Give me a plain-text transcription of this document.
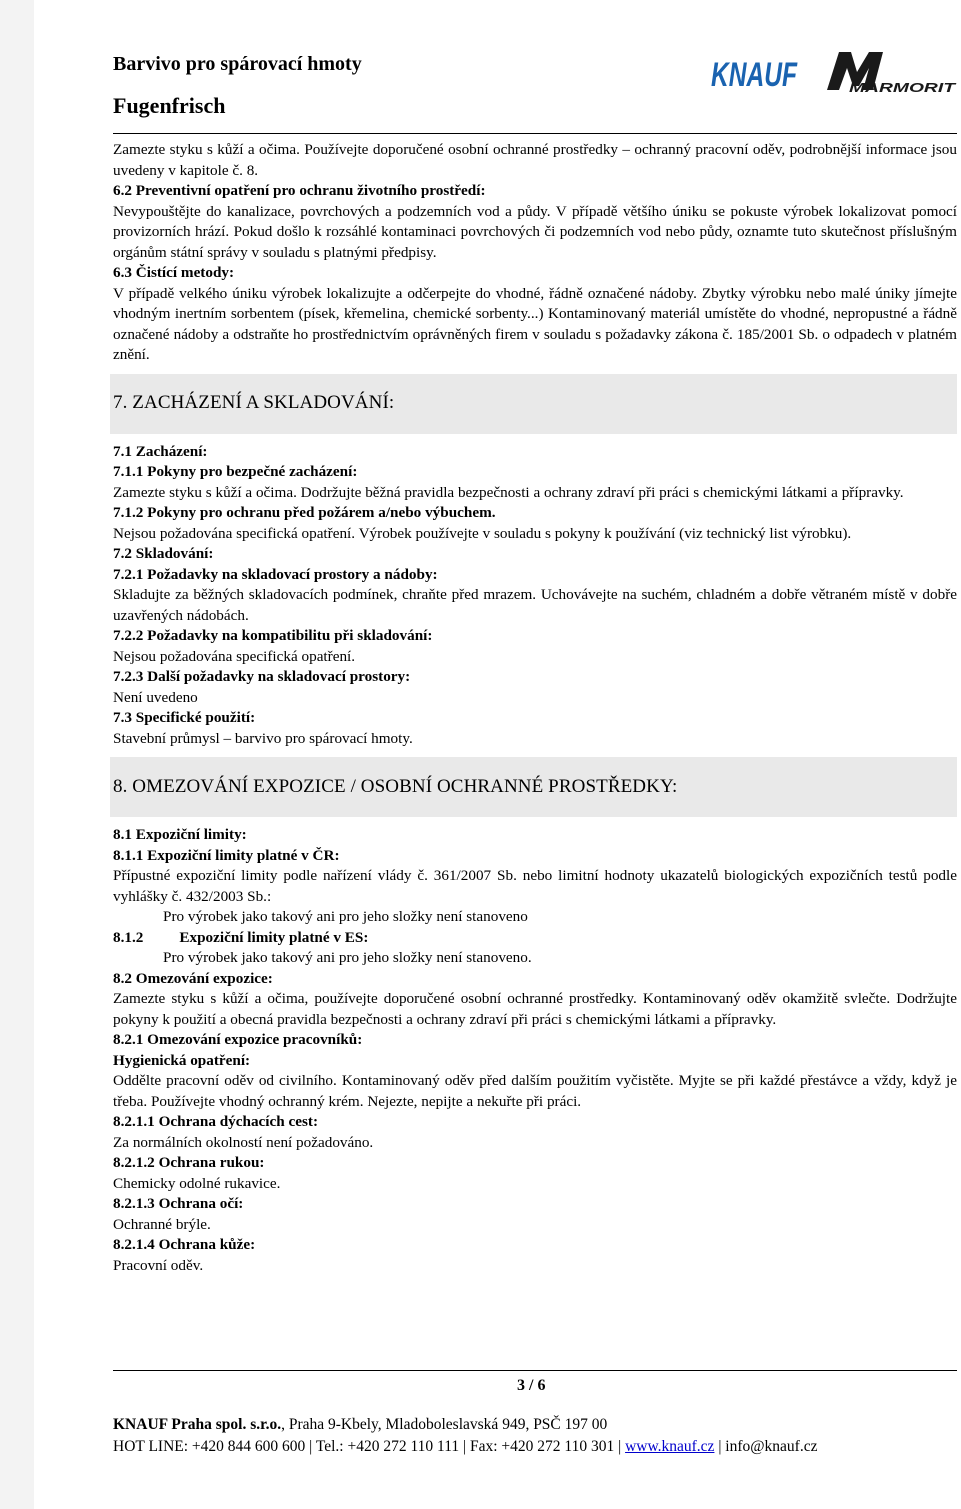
Barvivo pro spárovací hmoty
Fugenfrisch
KNAUF	MARMORIT

Zamezte styku s kůží a očima. Používejte doporučené osobní ochranné prostředky – ochranný pracovní oděv, podrobnější informace jsou uvedeny v kapitole č. 8.

6.2 Preventivní opatření pro ochranu životního prostředí:

Nevypouštějte do kanalizace, povrchových a podzemních vod a půdy. V případě většího úniku se pokuste výrobek lokalizovat pomocí provizorních hrází. Pokud došlo k rozsáhlé kontaminaci povrchových či podzemních vod nebo půdy, oznamte tuto skutečnost příslušným orgánům státní správy v souladu s platnými předpisy.

6.3 Čistící metody:

V případě velkého úniku výrobek lokalizujte a odčerpejte do vhodné, řádně označené nádoby. Zbytky výrobku nebo malé úniky jímejte vhodným inertním sorbentem (písek, křemelina, chemické sorbenty...) Kontaminovaný materiál umístěte do vhodné, nepropustné a řádně označené nádoby a odstraňte ho prostřednictvím oprávněných firem v souladu s požadavky zákona č. 185/2001 Sb. o odpadech v platném znění.

7. ZACHÁZENÍ A SKLADOVÁNÍ:

7.1 Zacházení:

7.1.1 Pokyny pro bezpečné zacházení:

Zamezte styku s kůží a očima. Dodržujte běžná pravidla bezpečnosti a ochrany zdraví při práci s chemickými látkami a přípravky.

7.1.2 Pokyny pro ochranu před požárem a/nebo výbuchem.

Nejsou požadována specifická opatření. Výrobek používejte v souladu s pokyny k používání (viz technický list výrobku).

7.2 Skladování:

7.2.1 Požadavky na skladovací prostory a nádoby:

Skladujte za běžných skladovacích podmínek, chraňte před mrazem. Uchovávejte na suchém, chladném a dobře větraném místě v dobře uzavřených nádobách.

7.2.2 Požadavky na kompatibilitu při skladování:

Nejsou požadována specifická opatření.

7.2.3 Další požadavky na skladovací prostory:

Není uvedeno

7.3 Specifické použití:

Stavební průmysl – barvivo pro spárovací hmoty.

8. OMEZOVÁNÍ EXPOZICE / OSOBNÍ OCHRANNÉ PROSTŘEDKY:

8.1 Expoziční limity:

8.1.1 Expoziční limity platné v ČR:

Přípustné expoziční limity podle nařízení vlády č. 361/2007 Sb. nebo limitní hodnoty ukazatelů biologických expozičních testů podle vyhlášky č. 432/2003 Sb.:

Pro výrobek jako takový ani pro jeho složky není stanoveno

8.1.2 Expoziční limity platné v ES:

Pro výrobek jako takový ani pro jeho složky není stanoveno.

8.2 Omezování expozice:

Zamezte styku s kůží a očima, používejte doporučené osobní ochranné prostředky. Kontaminovaný oděv okamžitě svlečte. Dodržujte pokyny k použití a obecná pravidla bezpečnosti a ochrany zdraví při práci s chemickými látkami a přípravky.

8.2.1 Omezování expozice pracovníků:

Hygienická opatření:

Oddělte pracovní oděv od civilního. Kontaminovaný oděv před dalším použitím vyčistěte. Myjte se při každé přestávce a vždy, když je třeba. Používejte vhodný ochranný krém. Nejezte, nepijte a nekuřte při práci.

8.2.1.1 Ochrana dýchacích cest:

Za normálních okolností není požadováno.

8.2.1.2 Ochrana rukou:

Chemicky odolné rukavice.

8.2.1.3 Ochrana očí:

Ochranné brýle.

8.2.1.4 Ochrana kůže:

Pracovní oděv.

3 / 6
KNAUF Praha spol. s.r.o., Praha 9-Kbely, Mladoboleslavská 949, PSČ 197 00
HOT LINE: +420 844 600 600 | Tel.: +420 272 110 111 | Fax: +420 272 110 301 | www.knauf.cz | info@knauf.cz
